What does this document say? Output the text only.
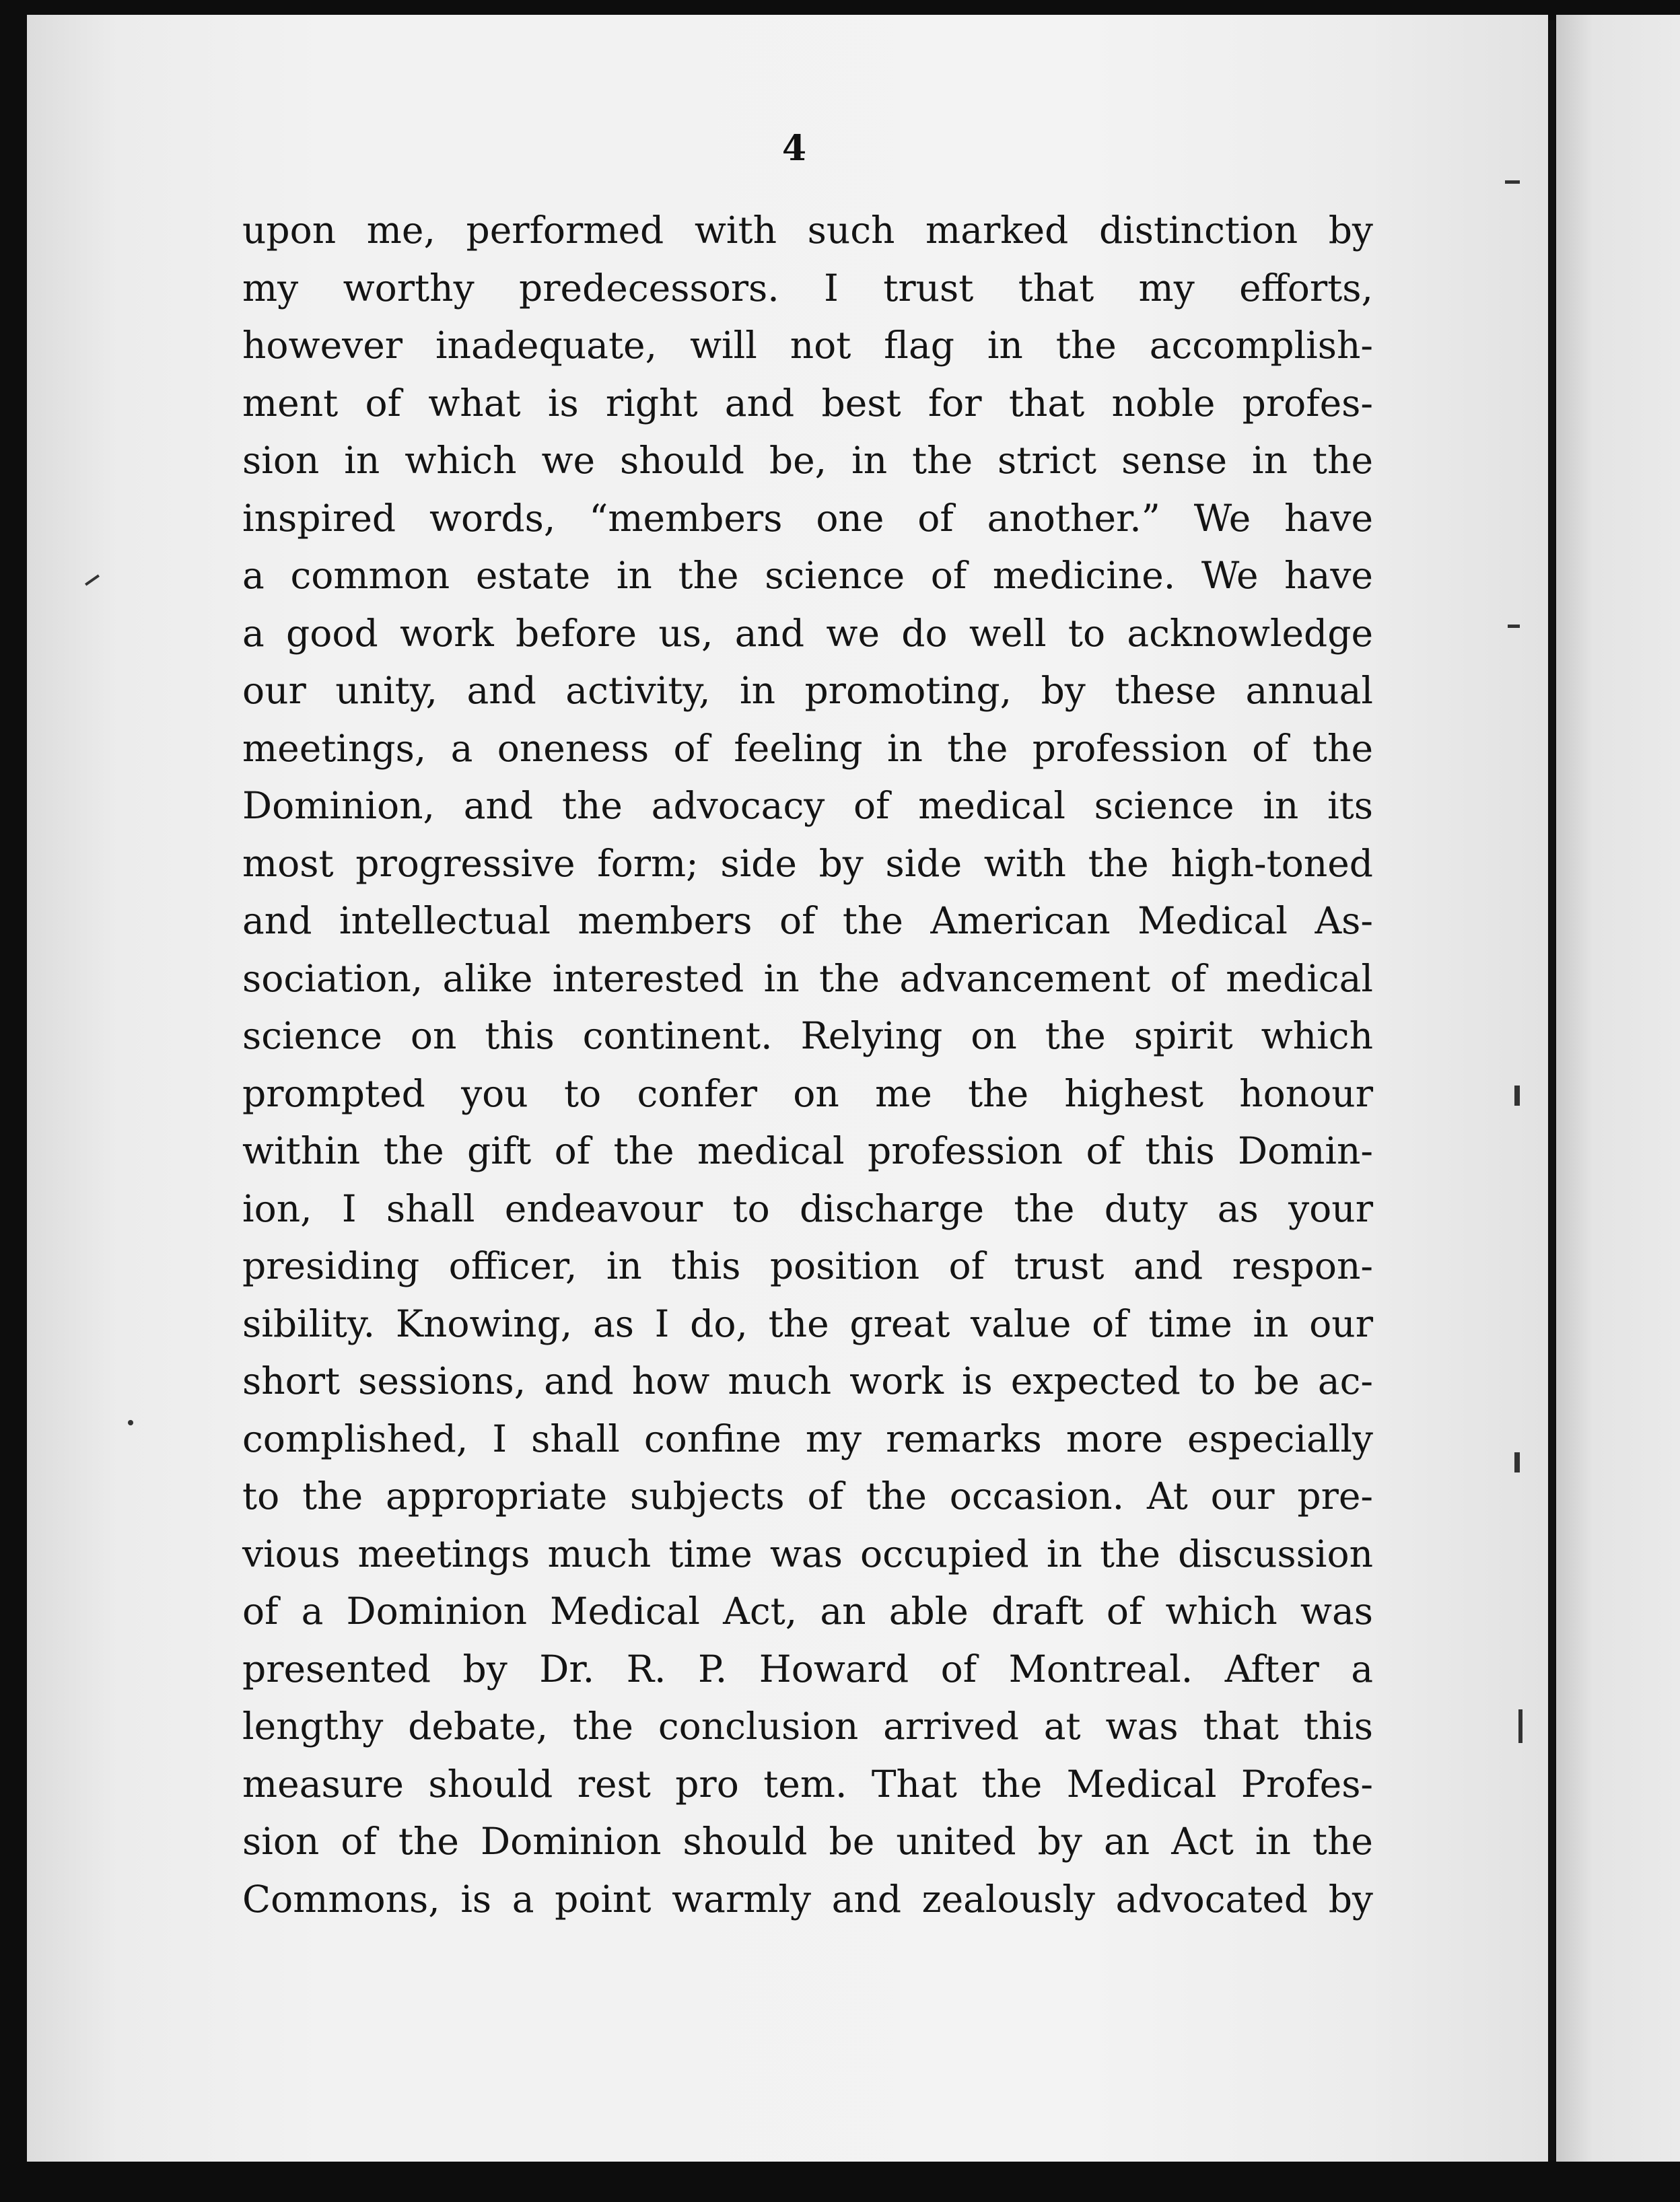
4
upon me, performed with such marked distinction by
my worthy predecessors. I trust that my efforts,
however inadequate, will not flag in the accomplish-
ment of what is right and best for that noble profes-
sion in which we should be, in the strict sense in the
inspired words, “members one of another.” We have
a common estate in the science of medicine. We have
a good work before us, and we do well to acknowledge
our unity, and activity, in promoting, by these annual
meetings, a oneness of feeling in the profession of the
Dominion, and the advocacy of medical science in its
most progressive form; side by side with the high-toned
and intellectual members of the American Medical As-
sociation, alike interested in the advancement of medical
science on this continent. Relying on the spirit which
prompted you to confer on me the highest honour
within the gift of the medical profession of this Domin-
ion, I shall endeavour to discharge the duty as your
presiding officer, in this position of trust and respon-
sibility. Knowing, as I do, the great value of time in our
short sessions, and how much work is expected to be ac-
complished, I shall confine my remarks more especially
to the appropriate subjects of the occasion. At our pre-
vious meetings much time was occupied in the discussion
of a Dominion Medical Act, an able draft of which was
presented by Dr. R. P. Howard of Montreal. After a
lengthy debate, the conclusion arrived at was that this
measure should rest pro tem. That the Medical Profes-
sion of the Dominion should be united by an Act in the
Commons, is a point warmly and zealously advocated by
